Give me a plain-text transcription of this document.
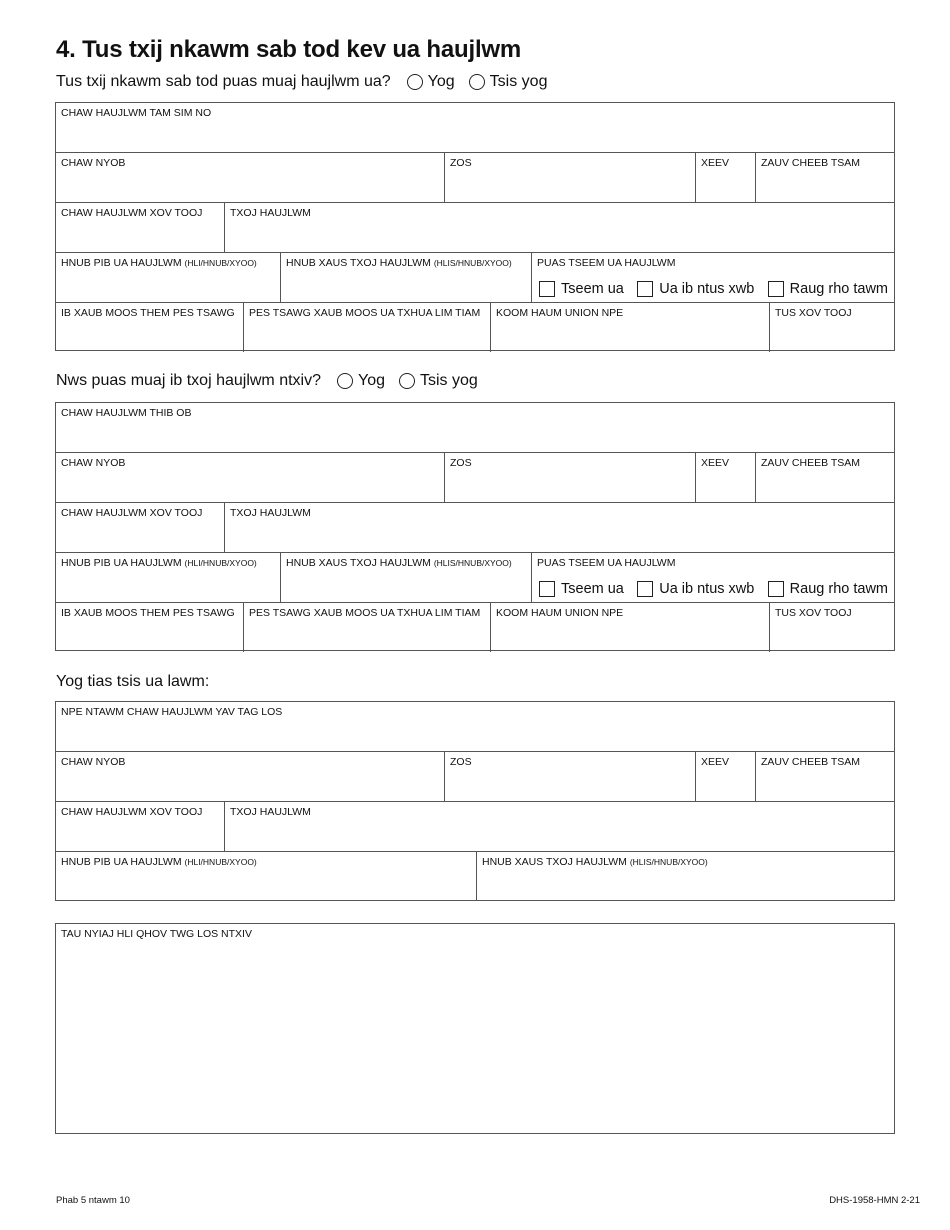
4. Tus txij nkawm sab tod kev ua haujlwm
Tus txij nkawm sab tod puas muaj haujlwm ua? Yog Tsis yog
CHAW HAUJLWM TAM SIM NO
CHAW NYOB	ZOS	XEEV	ZAUV CHEEB TSAM
CHAW HAUJLWM XOV TOOJ	TXOJ HAUJLWM
HNUB PIB UA HAUJLWM (HLI/HNUB/XYOO)	HNUB XAUS TXOJ HAUJLWM (HLIS/HNUB/XYOO)	PUAS TSEEM UA HAUJLWM
Tseem ua Ua ib ntus xwb Raug rho tawm
IB XAUB MOOS THEM PES TSAWG	PES TSAWG XAUB MOOS UA TXHUA LIM TIAM	KOOM HAUM UNION NPE	TUS XOV TOOJ
Nws puas muaj ib txoj haujlwm ntxiv? Yog Tsis yog
CHAW HAUJLWM THIB OB
CHAW NYOB	ZOS	XEEV	ZAUV CHEEB TSAM
CHAW HAUJLWM XOV TOOJ	TXOJ HAUJLWM
HNUB PIB UA HAUJLWM (HLI/HNUB/XYOO)	HNUB XAUS TXOJ HAUJLWM (HLIS/HNUB/XYOO)	PUAS TSEEM UA HAUJLWM
Tseem ua Ua ib ntus xwb Raug rho tawm
IB XAUB MOOS THEM PES TSAWG	PES TSAWG XAUB MOOS UA TXHUA LIM TIAM	KOOM HAUM UNION NPE	TUS XOV TOOJ
Yog tias tsis ua lawm:
NPE NTAWM CHAW HAUJLWM YAV TAG LOS
CHAW NYOB	ZOS	XEEV	ZAUV CHEEB TSAM
CHAW HAUJLWM XOV TOOJ	TXOJ HAUJLWM
HNUB PIB UA HAUJLWM (HLI/HNUB/XYOO)	HNUB XAUS TXOJ HAUJLWM (HLIS/HNUB/XYOO)
TAU NYIAJ HLI QHOV TWG LOS NTXIV
Phab 5 ntawm 10	DHS-1958-HMN 2-21
